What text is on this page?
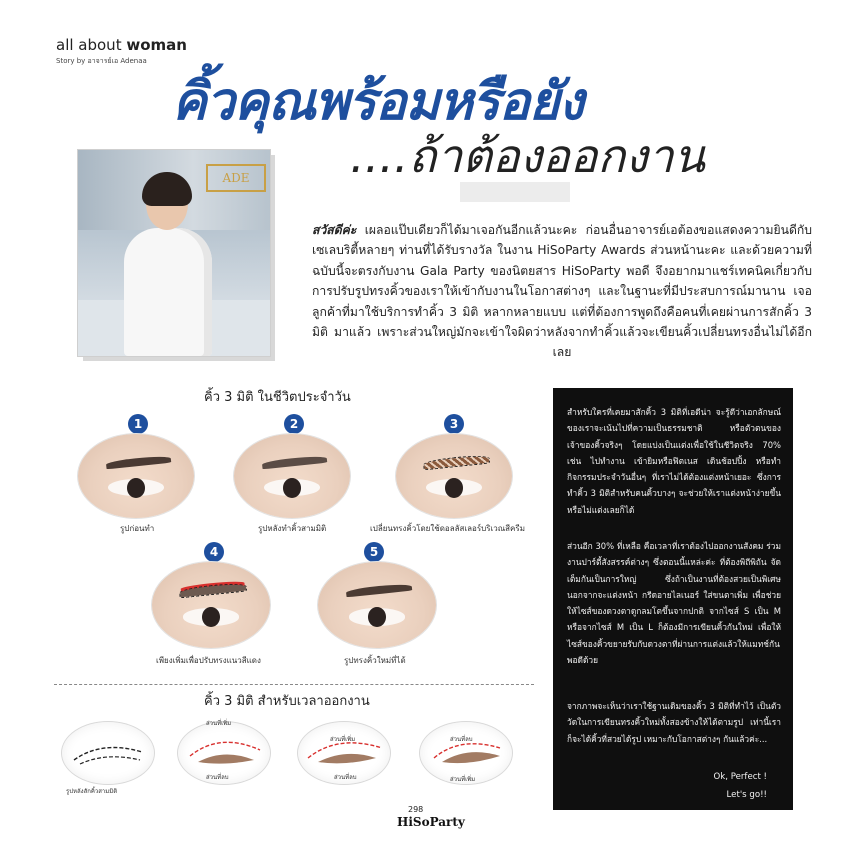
all about woman
Story by อาจารย์เอ Adenaa
คิ้วคุณพร้อมหรือยัง
....ถ้าต้องออกงาน
ADE
สวัสดีค่ะ เผลอแป๊บเดียวก็ได้มาเจอกันอีกแล้วนะคะ ก่อนอื่นอาจารย์เอต้องขอแสดงความยินดีกับเซเลบริตี้หลายๆ ท่านที่ได้รับรางวัล ในงาน HiSoParty Awards ส่วนหน้านะคะ และด้วยความที่ฉบับนี้จะตรงกับงาน Gala Party ของนิตยสาร HiSoParty พอดี จึงอยากมาแชร์เทคนิคเกี่ยวกับการปรับรูปทรงคิ้วของเราให้เข้ากับงานในโอกาสต่างๆ และในฐานะที่มีประสบการณ์มานาน เจอลูกค้าที่มาใช้บริการทำคิ้ว 3 มิติ หลากหลายแบบ แต่ที่ต้องการพูดถึงคือคนที่เคยผ่านการสักคิ้ว 3 มิติ มาแล้ว เพราะส่วนใหญ่มักจะเข้าใจผิดว่าหลังจากทำคิ้วแล้วจะเขียนคิ้วเปลี่ยนทรงอื่นไม่ได้อีกเลย
คิ้ว 3 มิติ ในชีวิตประจำวัน
1
รูปก่อนทำ
2
รูปหลังทำคิ้วสามมิติ
3
เปลี่ยนทรงคิ้วโดยใช้ดอลลัสเลอร์บริเวณสีครีม
4
เพียงเพิ่มเพื่อปรับทรงแนวสีแดง
5
รูปทรงคิ้วใหม่ที่ได้
คิ้ว 3 มิติ สำหรับเวลาออกงาน
รูปหลังสักคิ้วสามมิติ
ส่วนที่เพิ่ม
ส่วนที่ลบ
ส่วนที่เพิ่ม
ส่วนที่ลบ
ส่วนที่ลบ
ส่วนที่เพิ่ม
สำหรับใครที่เคยมาสักคิ้ว 3 มิติที่เอดีน่า จะรู้ดีว่าเอกลักษณ์ของเราจะเน้นไปที่ความเป็นธรรมชาติ หรือตัวตนของเจ้าของคิ้วจริงๆ โดยแบ่งเป็นแต่งเพื่อใช้ในชีวิตจริง 70% เช่น ไปทำงาน เข้ายิมหรือฟิตเนส เดินช้อปปิ้ง หรือทำกิจกรรมประจำวันอื่นๆ ที่เราไม่ได้ต้องแต่งหน้าเยอะ ซึ่งการทำคิ้ว 3 มิติสำหรับคนคิ้วบางๆ จะช่วยให้เราแต่งหน้าง่ายขึ้น หรือไม่แต่งเลยก็ได้
ส่วนอีก 30% ที่เหลือ คือเวลาที่เราต้องไปออกงานสังคม ร่วมงานปาร์ตี้สังสรรค์ต่างๆ ซึ่งตอนนี้แหล่ะค่ะ ที่ต้องพิถีพิถัน จัดเต็มกันเป็นการใหญ่ ซึ่งถ้าเป็นงานที่ต้องสวยเป็นพิเศษ นอกจากจะแต่งหน้า กรีดอายไลเนอร์ ใส่ขนตาเพิ่ม เพื่อช่วยให้ไซส์ของดวงตาดูกลมโตขึ้นจากปกติ จากไซส์ S เป็น M หรือจากไซส์ M เป็น L ก็ต้องมีการเขียนคิ้วกันใหม่ เพื่อให้ไซส์ของคิ้วขยายรับกับดวงตาที่ผ่านการแต่งแล้วให้แมทช์กันพอดีด้วย
จากภาพจะเห็นว่าเราใช้ฐานเดิมของคิ้ว 3 มิติที่ทำไว้ เป็นตัววัดในการเขียนทรงคิ้วใหม่ทั้งสองข้างให้ได้ตามรูป เท่านี้เราก็จะได้คิ้วที่สวยได้รูป เหมาะกับโอกาสต่างๆ กันแล้วค่ะ...
Ok, Perfect !
Let's go!!
298
HiSoParty
